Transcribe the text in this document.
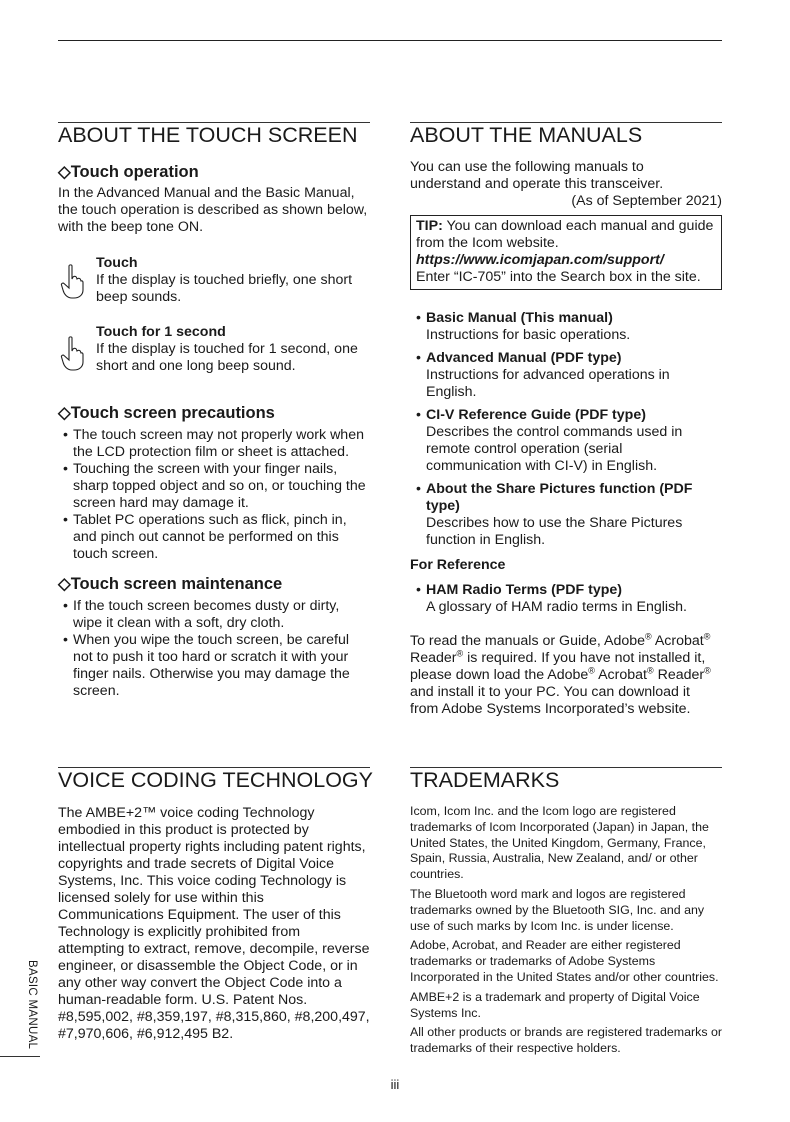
ABOUT THE TOUCH SCREEN
◇Touch operation

In the Advanced Manual and the Basic Manual, the touch operation is described as shown below, with the beep tone ON.

Touch

If the display is touched briefly, one short beep sounds.

Touch for 1 second

If the display is touched for 1 second, one short and one long beep sound.

◇Touch screen precautions
• The touch screen may not properly work when the LCD protection film or sheet is attached.
• Touching the screen with your finger nails, sharp topped object and so on, or touching the screen hard may damage it.
• Tablet PC operations such as flick, pinch in, and pinch out cannot be performed on this touch screen.
◇Touch screen maintenance
• If the touch screen becomes dusty or dirty, wipe it clean with a soft, dry cloth.
• When you wipe the touch screen, be careful not to push it too hard or scratch it with your finger nails. Otherwise you may damage the screen.
ABOUT THE MANUALS

You can use the following manuals to understand and operate this transceiver.

(As of September 2021)
TIP: You can download each manual and guide from the Icom website.
https://www.icomjapan.com/support/
Enter “IC-705” into the Search box in the site.
• Basic Manual (This manual)
Instructions for basic operations.
• Advanced Manual (PDF type)
Instructions for advanced operations in English.
• CI-V Reference Guide (PDF type)
Describes the control commands used in remote control operation (serial communication with CI-V) in English.
• About the Share Pictures function (PDF type)
Describes how to use the Share Pictures function in English.
For Reference
• HAM Radio Terms (PDF type)
A glossary of HAM radio terms in English.
To read the manuals or Guide, Adobe® Acrobat®
Reader® is required. If you have not installed it,
please down load the Adobe® Acrobat® Reader®
and install it to your PC. You can download it
from Adobe Systems Incorporated’s website.
VOICE CODING TECHNOLOGY

The AMBE+2™ voice coding Technology embodied in this product is protected by intellectual property rights including patent rights, copyrights and trade secrets of Digital Voice Systems, Inc. This voice coding Technology is licensed solely for use within this Communications Equipment. The user of this Technology is explicitly prohibited from attempting to extract, remove, decompile, reverse engineer, or disassemble the Object Code, or in any other way convert the Object Code into a human-readable form. U.S. Patent Nos. #8,595,002, #8,359,197, #8,315,860, #8,200,497, #7,970,606, #6,912,495 B2.

TRADEMARKS

Icom, Icom Inc. and the Icom logo are registered trademarks of Icom Incorporated (Japan) in Japan, the United States, the United Kingdom, Germany, France, Spain, Russia, Australia, New Zealand, and/ or other countries.

The Bluetooth word mark and logos are registered trademarks owned by the Bluetooth SIG, Inc. and any use of such marks by Icom Inc. is under license.

Adobe, Acrobat, and Reader are either registered trademarks or trademarks of Adobe Systems Incorporated in the United States and/or other countries.

AMBE+2 is a trademark and property of Digital Voice Systems Inc.

All other products or brands are registered trademarks or trademarks of their respective holders.

BASIC MANUAL
iii
